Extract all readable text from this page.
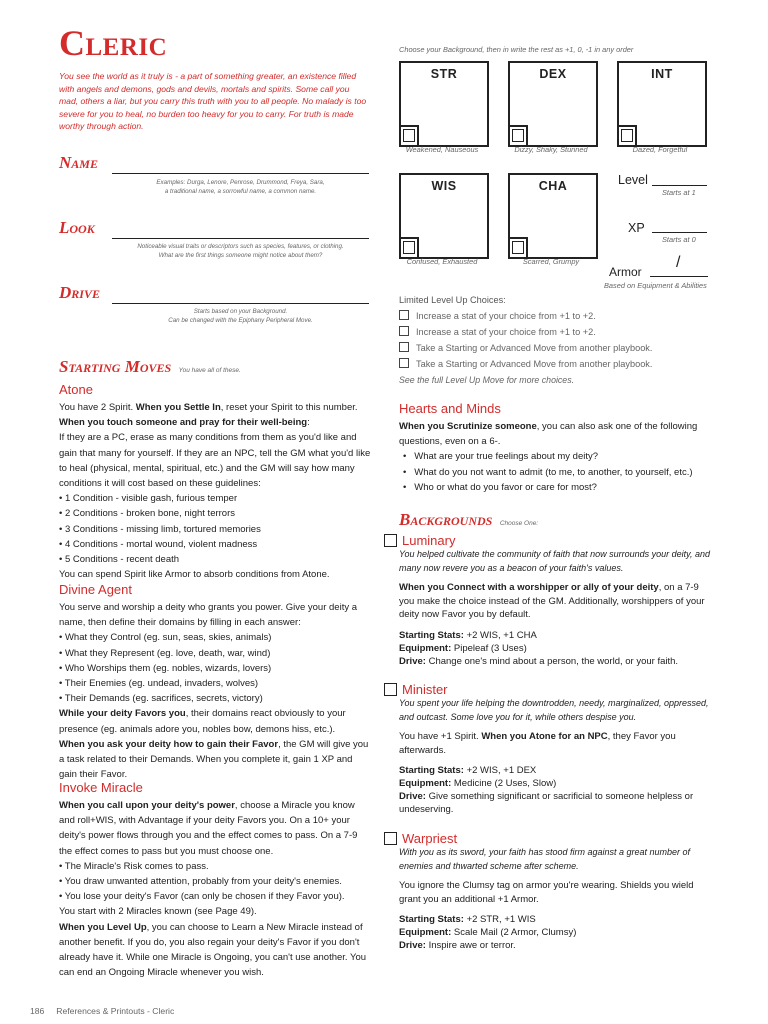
Cleric
You see the world as it truly is - a part of something greater, an existence filled with angels and demons, gods and devils, mortals and spirits. Some call you mad, others a liar, but you carry this truth with you to all people. No malady is too severe for you to heal, no burden too heavy for you to carry. For truth is made worthy through action.
Name
Examples: Durga, Lenore, Penrose, Drummond, Freya, Sara,
a traditional name, a sorrowful name, a common name.
Look
Noticeable visual traits or descriptors such as species, features, or clothing.
What are the first things someone might notice about them?
Drive
Starts based on your Background.
Can be changed with the Epiphany Peripheral Move.
Starting Moves You have all of these.
Atone
You have 2 Spirit. When you Settle In, reset your Spirit to this number.
When you touch someone and pray for their well-being:
If they are a PC, erase as many conditions from them as you'd like and gain that many for yourself. If they are an NPC, tell the GM what you'd like to heal (physical, mental, spiritual, etc.) and the GM will say how many conditions it will cost based on these guidelines:
• 1 Condition - visible gash, furious temper
• 2 Conditions - broken bone, night terrors
• 3 Conditions - missing limb, tortured memories
• 4 Conditions - mortal wound, violent madness
• 5 Conditions - recent death
You can spend Spirit like Armor to absorb conditions from Atone.
Divine Agent
You serve and worship a deity who grants you power. Give your deity a name, then define their domains by filling in each answer:
• What they Control (eg. sun, seas, skies, animals)
• What they Represent (eg. love, death, war, wind)
• Who Worships them (eg. nobles, wizards, lovers)
• Their Enemies (eg. undead, invaders, wolves)
• Their Demands (eg. sacrifices, secrets, victory)
While your deity Favors you, their domains react obviously to your presence (eg. animals adore you, nobles bow, demons hiss, etc.).
When you ask your deity how to gain their Favor, the GM will give you a task related to their Demands. When you complete it, gain 1 XP and gain their Favor.
Invoke Miracle
When you call upon your deity's power, choose a Miracle you know and roll+WIS, with Advantage if your deity Favors you. On a 10+ your deity's power flows through you and the effect comes to pass. On a 7-9 the effect comes to pass but you must choose one.
• The Miracle's Risk comes to pass.
• You draw unwanted attention, probably from your deity's enemies.
• You lose your deity's Favor (can only be chosen if they Favor you).
You start with 2 Miracles known (see Page 49).
When you Level Up, you can choose to Learn a New Miracle instead of another benefit. If you do, you also regain your deity's Favor if you don't already have it. While one Miracle is Ongoing, you can't use another. You can end an Ongoing Miracle whenever you wish.
Choose your Background, then in write the rest as +1, 0, -1 in any order
STR
Weakened, Nauseous
DEX
Dizzy, Shaky, Stunned
INT
Dazed, Forgetful
WIS
Confused, Exhausted
CHA
Scarred, Grumpy
Level
Starts at 1
XP
Starts at 0
Armor
/
Based on Equipment & Abilities
Limited Level Up Choices:
Increase a stat of your choice from +1 to +2.
Increase a stat of your choice from +1 to +2.
Take a Starting or Advanced Move from another playbook.
Take a Starting or Advanced Move from another playbook.
See the full Level Up Move for more choices.
Hearts and Minds
When you Scrutinize someone, you can also ask one of the following questions, even on a 6-.
•   What are your true feelings about my deity?
•   What do you not want to admit (to me, to another, to yourself, etc.)
•   Who or what do you favor or care for most?
Backgrounds Choose One:
Luminary
You helped cultivate the community of faith that now surrounds your deity, and many now revere you as a beacon of your faith's values.
When you Connect with a worshipper or ally of your deity, on a 7-9 you make the choice instead of the GM. Additionally, worshippers of your deity now Favor you by default.
Starting Stats: +2 WIS, +1 CHA
Equipment: Pipeleaf (3 Uses)
Drive: Change one's mind about a person, the world, or your faith.
Minister
You spent your life helping the downtrodden, needy, marginalized, oppressed, and outcast. Some love you for it, while others despise you.
You have +1 Spirit. When you Atone for an NPC, they Favor you afterwards.
Starting Stats: +2 WIS, +1 DEX
Equipment: Medicine (2 Uses, Slow)
Drive: Give something significant or sacrificial to someone helpless or undeserving.
Warpriest
With you as its sword, your faith has stood firm against a great number of enemies and thwarted scheme after scheme.
You ignore the Clumsy tag on armor you're wearing. Shields you wield grant you an additional +1 Armor.
Starting Stats: +2 STR, +1 WIS
Equipment: Scale Mail (2 Armor, Clumsy)
Drive: Inspire awe or terror.
186 References & Printouts - Cleric
